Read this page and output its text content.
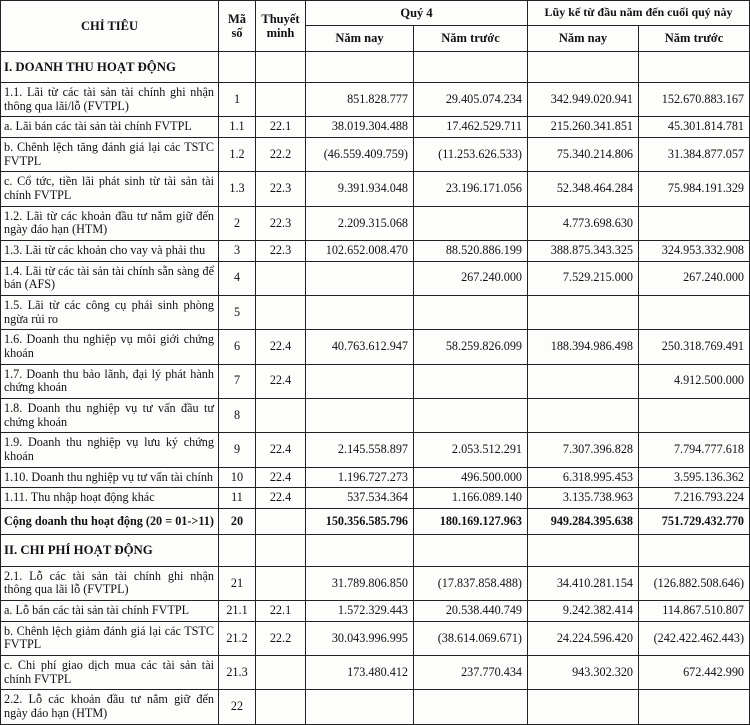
CHỈ TIÊU	Mã số	Thuyết minh	Quý 4		Lũy kế từ đầu năm đến cuối quý này	
			Năm nay	Năm trước	Năm nay	Năm trước
I. DOANH THU HOẠT ĐỘNG						
1.1. Lãi từ các tài sản tài chính ghi nhận thông qua lãi/lỗ (FVTPL)	1		851.828.777	29.405.074.234	342.949.020.941	152.670.883.167
a. Lãi bán các tài sản tài chính FVTPL	1.1	22.1	38.019.304.488	17.462.529.711	215.260.341.851	45.301.814.781
b. Chênh lệch tăng đánh giá lại các TSTC FVTPL	1.2	22.2	(46.559.409.759)	(11.253.626.533)	75.340.214.806	31.384.877.057
c. Cổ tức, tiền lãi phát sinh từ tài sản tài chính FVTPL	1.3	22.3	9.391.934.048	23.196.171.056	52.348.464.284	75.984.191.329
1.2. Lãi từ các khoản đầu tư nắm giữ đến ngày đáo hạn (HTM)	2	22.3	2.209.315.068		4.773.698.630	
1.3. Lãi từ các khoản cho vay và phải thu	3	22.3	102.652.008.470	88.520.886.199	388.875.343.325	324.953.332.908
1.4. Lãi từ các tài sản tài chính sẵn sàng để bán (AFS)	4			267.240.000	7.529.215.000	267.240.000
1.5. Lãi từ các công cụ phái sinh phòng ngừa rủi ro	5					
1.6. Doanh thu nghiệp vụ môi giới chứng khoán	6	22.4	40.763.612.947	58.259.826.099	188.394.986.498	250.318.769.491
1.7. Doanh thu bảo lãnh, đại lý phát hành chứng khoán	7	22.4				4.912.500.000
1.8. Doanh thu nghiệp vụ tư vấn đầu tư chứng khoán	8					
1.9. Doanh thu nghiệp vụ lưu ký chứng khoán	9	22.4	2.145.558.897	2.053.512.291	7.307.396.828	7.794.777.618
1.10. Doanh thu nghiệp vụ tư vấn tài chính	10	22.4	1.196.727.273	496.500.000	6.318.995.453	3.595.136.362
1.11. Thu nhập hoạt động khác	11	22.4	537.534.364	1.166.089.140	3.135.738.963	7.216.793.224
Cộng doanh thu hoạt động (20 = 01->11)	20		150.356.585.796	180.169.127.963	949.284.395.638	751.729.432.770
II. CHI PHÍ HOẠT ĐỘNG						
2.1. Lỗ các tài sản tài chính ghi nhận thông qua lãi lỗ (FVTPL)	21		31.789.806.850	(17.837.858.488)	34.410.281.154	(126.882.508.646)
a. Lỗ bán các tài sản tài chính FVTPL	21.1	22.1	1.572.329.443	20.538.440.749	9.242.382.414	114.867.510.807
b. Chênh lệch giảm đánh giá lại các TSTC FVTPL	21.2	22.2	30.043.996.995	(38.614.069.671)	24.224.596.420	(242.422.462.443)
c. Chi phí giao dịch mua các tài sản tài chính FVTPL	21.3		173.480.412	237.770.434	943.302.320	672.442.990
2.2. Lỗ các khoản đầu tư nắm giữ đến ngày đáo hạn (HTM)	22					
